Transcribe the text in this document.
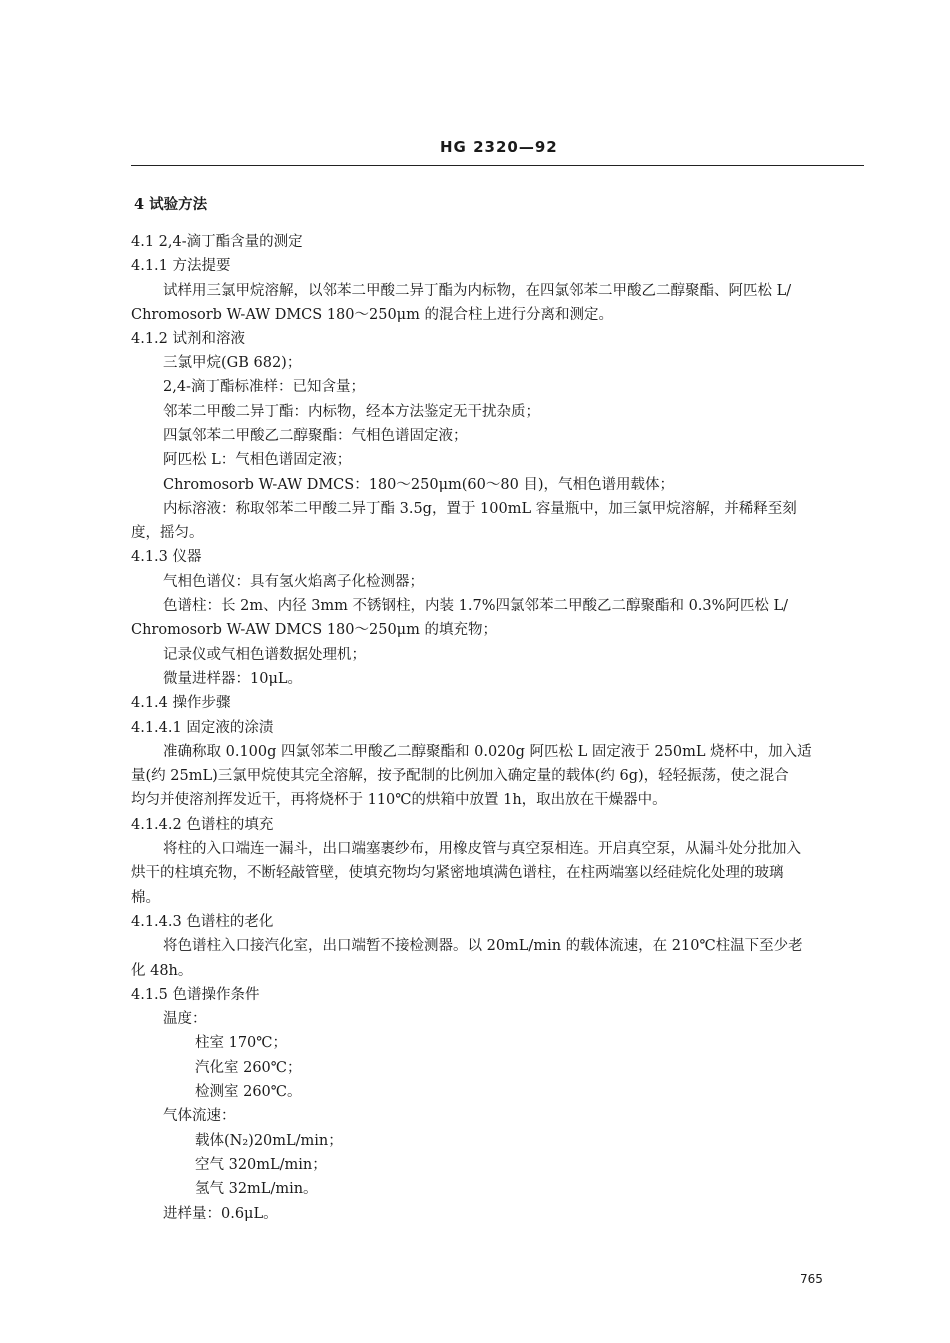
HG 2320—92
4 试验方法
4.1 2,4-滴丁酯含量的测定
4.1.1 方法提要
试样用三氯甲烷溶解，以邻苯二甲酸二异丁酯为内标物，在四氯邻苯二甲酸乙二醇聚酯、阿匹松 L/
Chromosorb W-AW DMCS 180～250μm 的混合柱上进行分离和测定。
4.1.2 试剂和溶液
三氯甲烷(GB 682)；
2,4-滴丁酯标准样：已知含量；
邻苯二甲酸二异丁酯：内标物，经本方法鉴定无干扰杂质；
四氯邻苯二甲酸乙二醇聚酯：气相色谱固定液；
阿匹松 L：气相色谱固定液；
Chromosorb W-AW DMCS：180～250μm(60～80 目)，气相色谱用载体；
内标溶液：称取邻苯二甲酸二异丁酯 3.5g，置于 100mL 容量瓶中，加三氯甲烷溶解，并稀释至刻
度，摇匀。
4.1.3 仪器
气相色谱仪：具有氢火焰离子化检测器；
色谱柱：长 2m、内径 3mm 不锈钢柱，内装 1.7%四氯邻苯二甲酸乙二醇聚酯和 0.3%阿匹松 L/
Chromosorb W-AW DMCS 180～250μm 的填充物；
记录仪或气相色谱数据处理机；
微量进样器：10μL。
4.1.4 操作步骤
4.1.4.1 固定液的涂渍
准确称取 0.100g 四氯邻苯二甲酸乙二醇聚酯和 0.020g 阿匹松 L 固定液于 250mL 烧杯中，加入适
量(约 25mL)三氯甲烷使其完全溶解，按予配制的比例加入确定量的载体(约 6g)，轻轻振荡，使之混合
均匀并使溶剂挥发近干，再将烧杯于 110℃的烘箱中放置 1h，取出放在干燥器中。
4.1.4.2 色谱柱的填充
将柱的入口端连一漏斗，出口端塞裹纱布，用橡皮管与真空泵相连。开启真空泵，从漏斗处分批加入
烘干的柱填充物，不断轻敲管壁，使填充物均匀紧密地填满色谱柱，在柱两端塞以经硅烷化处理的玻璃
棉。
4.1.4.3 色谱柱的老化
将色谱柱入口接汽化室，出口端暂不接检测器。以 20mL/min 的载体流速，在 210℃柱温下至少老
化 48h。
4.1.5 色谱操作条件
温度：
柱室 170℃；
汽化室 260℃；
检测室 260℃。
气体流速：
载体(N₂)20mL/min；
空气 320mL/min；
氢气 32mL/min。
进样量：0.6μL。
765
